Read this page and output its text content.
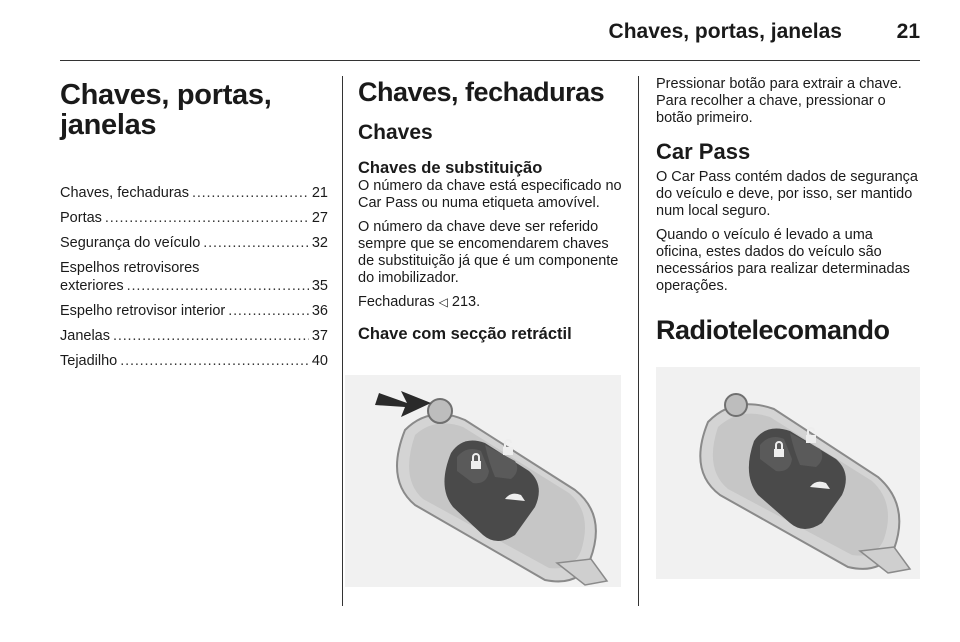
Chaves, portas, janelas	21
Chaves, portas,
janelas
Chaves, fechaduras . . .	21
Portas . . .	27
Segurança do veículo . . .	32
Espelhos retrovisores
exteriores . . .	35
Espelho retrovisor interior . . .	36
Janelas . . .	37
Tejadilho . . .	40
Chaves, fechaduras
Chaves
Chaves de substituição

O número da chave está especificado no Car Pass ou numa etiqueta amovível.

O número da chave deve ser referido sempre que se encomendarem chaves de substituição já que é um componente do imobilizador.

Fechaduras ◁ 213.

Chave com secção retráctil

Pressionar botão para extrair a chave. Para recolher a chave, pressionar o botão primeiro.

Car Pass

O Car Pass contém dados de segurança do veículo e deve, por isso, ser mantido num local seguro.

Quando o veículo é levado a uma oficina, estes dados do veículo são necessários para realizar determinadas operações.

Radiotelecomando
